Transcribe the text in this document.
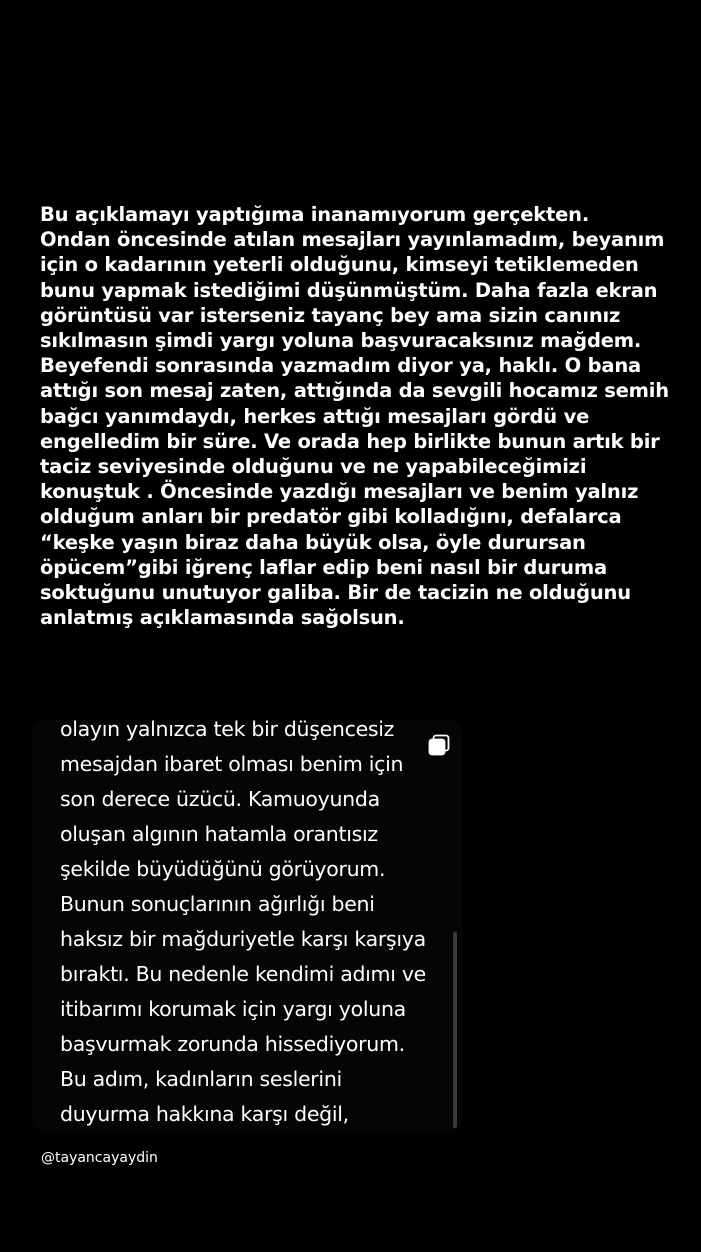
Bu açıklamayı yaptığıma inanamıyorum gerçekten.
Ondan öncesinde atılan mesajları yayınlamadım, beyanım
için o kadarının yeterli olduğunu, kimseyi tetiklemeden
bunu yapmak istediğimi düşünmüştüm. Daha fazla ekran
görüntüsü var isterseniz tayanç bey ama sizin canınız
sıkılmasın şimdi yargı yoluna başvuracaksınız mağdem.
Beyefendi sonrasında yazmadım diyor ya, haklı. O bana
attığı son mesaj zaten, attığında da sevgili hocamız semih
bağcı yanımdaydı, herkes attığı mesajları gördü ve
engelledim bir süre. Ve orada hep birlikte bunun artık bir
taciz seviyesinde olduğunu ve ne yapabileceğimizi
konuştuk . Öncesinde yazdığı mesajları ve benim yalnız
olduğum anları bir predatör gibi kolladığını, defalarca
“keşke yaşın biraz daha büyük olsa, öyle durursan
öpücem”gibi iğrenç laflar edip beni nasıl bir duruma
soktuğunu unutuyor galiba. Bir de tacizin ne olduğunu
anlatmış açıklamasında sağolsun.
olayın yalnızca tek bir düşencesiz
mesajdan ibaret olması benim için
son derece üzücü. Kamuoyunda
oluşan algının hatamla orantısız
şekilde büyüdüğünü görüyorum.
Bunun sonuçlarının ağırlığı beni
haksız bir mağduriyetle karşı karşıya
bıraktı. Bu nedenle kendimi adımı ve
itibarımı korumak için yargı yoluna
başvurmak zorunda hissediyorum.
Bu adım, kadınların seslerini
duyurma hakkına karşı değil,
@tayancayaydin
